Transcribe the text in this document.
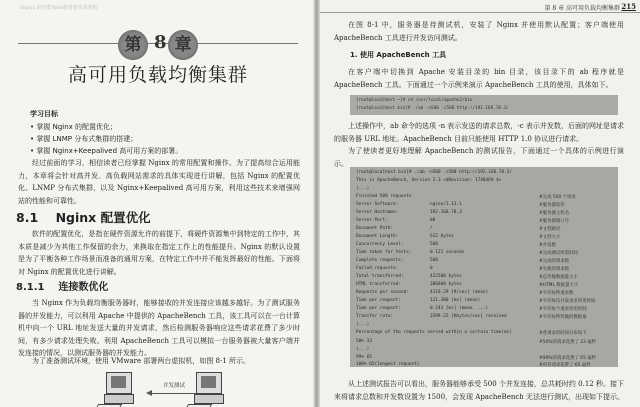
Nginx 高性能Web服务器实战教程
第 8 章
高可用负载均衡集群
学习目标
• 掌握 Nginx 的配置优化；
• 掌握 LNMP 分布式集群的搭建；
• 掌握 Nginx+Keepalived 高可用方案的部署。
经过前面的学习，相信读者已经掌握 Nginx 的常用配置和操作。为了提高综合运用能力，本章将会针对高并发、高负载网站需求的具体实现进行讲解，包括 Nginx 的配置优化、LNMP 分布式集群，以及 Nginx+Keepalived 高可用方案，利用这些技术来增强网站的性能和可靠性。
8.1 Nginx 配置优化
软件的配置优化，是指在硬件资源允许的前提下，将硬件资源集中到特定的工作中，其本质是减少为其他工作保留的余力，来换取在指定工作上的性能提升。Nginx 的默认设置是为了平衡各种工作场景而准备的通用方案，在特定工作中并不能发挥最好的性能。下面将对 Nginx 的配置优化进行讲解。
8.1.1 连接数优化
当 Nginx 作为负载均衡服务器时，能够接收的并发连接应该越多越好。为了测试服务器的并发能力，可以利用 Apache 中提供的 ApacheBench 工具，该工具可以在一台计算机中向一个 URL 地址发送大量的并发请求，然后检测服务器响应这些请求花费了多少时间，有多少请求处理失败。利用 ApacheBench 工具可以模拟一台服务器被大量客户端并发连接的情况，以测试服务器的并发能力。
为了准备测试环境，使用 VMware 部署两台虚拟机，如图 8-1 所示。
并发测试
第 8 章 高可用负载均衡集群 215
在图 8-1 中，服务器是待测试机，安装了 Nginx 并使用默认配置；客户端使用 ApacheBench 工具进行并发访问测试。
1. 使用 ApacheBench 工具
在客户端中切换到 Apache 安装目录的 bin 目录，该目录下的 ab 程序就是 ApacheBench 工具。下面通过一个示例来演示 ApacheBench 工具的使用，具体如下。
[root@localhost ~]# cd /usr/local/apache2/bin
[root@localhost bin]# ./ab -n500 -c500 http://192.168.78.3/
上述操作中，ab 命令的选项 -n 表示发送的请求总数，-c 表示并发数，后面的网址是请求的服务器 URL 地址。ApacheBench 目前只能使用 HTTP 1.0 协议进行请求。
为了使读者更好地理解 ApacheBench 的测试报告，下面通过一个具体的示例进行演示。
[root@localhost bin]# ./ab -n500 -c500 http://192.168.78.3/
This is ApacheBench, Version 2.3 <$Revision: 1748469 $>
(...)
Finished 500 requests	#完成 500 个请求
Server Software:	nginx/1.13.1	#服务器软件
Server Hostname:	192.168.78.3	#服务器主机名
Server Port:	80	#服务器端口号
Document Path:	/	#文档路径
Document Length:	612 bytes	#文档大小
Concurrency Level:	500	#并发数
Time taken for tests:	0.121 seconds	#完成测试所需时间
Complete requests:	500	#完成的请求数
Failed requests:	0	#失败的请求数
Total transferred:	422500 bytes	#总传输数据量大小
HTML transferred:	306000 bytes	#HTML 数据量大小
Requests per second:	4119.29 [#/sec] (mean)	#平均每秒请求数
Time per request:	121.380 [ms] (mean)	#平均每次并发请求所用时间
Time per request:	0.243 [ms] (mean, ...)	#平均每个请求所用时间
Transfer rate:	3399.22 [Kbytes/sec] received	#平均每秒传输的数据量
(...)
Percentage of the requests served within a certain time(ms)	#各请求的时间分布如下
50% 33	#50%的请求花费了 33 毫秒
(...)
99% 65	#99%的请求花费了 65 毫秒
100% 65(longest request)	#所有请求花费了 65 毫秒
从上述测试报告可以看出，服务器能够承受 500 个并发连接，总共耗时约 0.12 秒。接下来将请求总数和并发数设置为 1500，会发现 ApacheBench 无法进行测试，出现如下提示。
